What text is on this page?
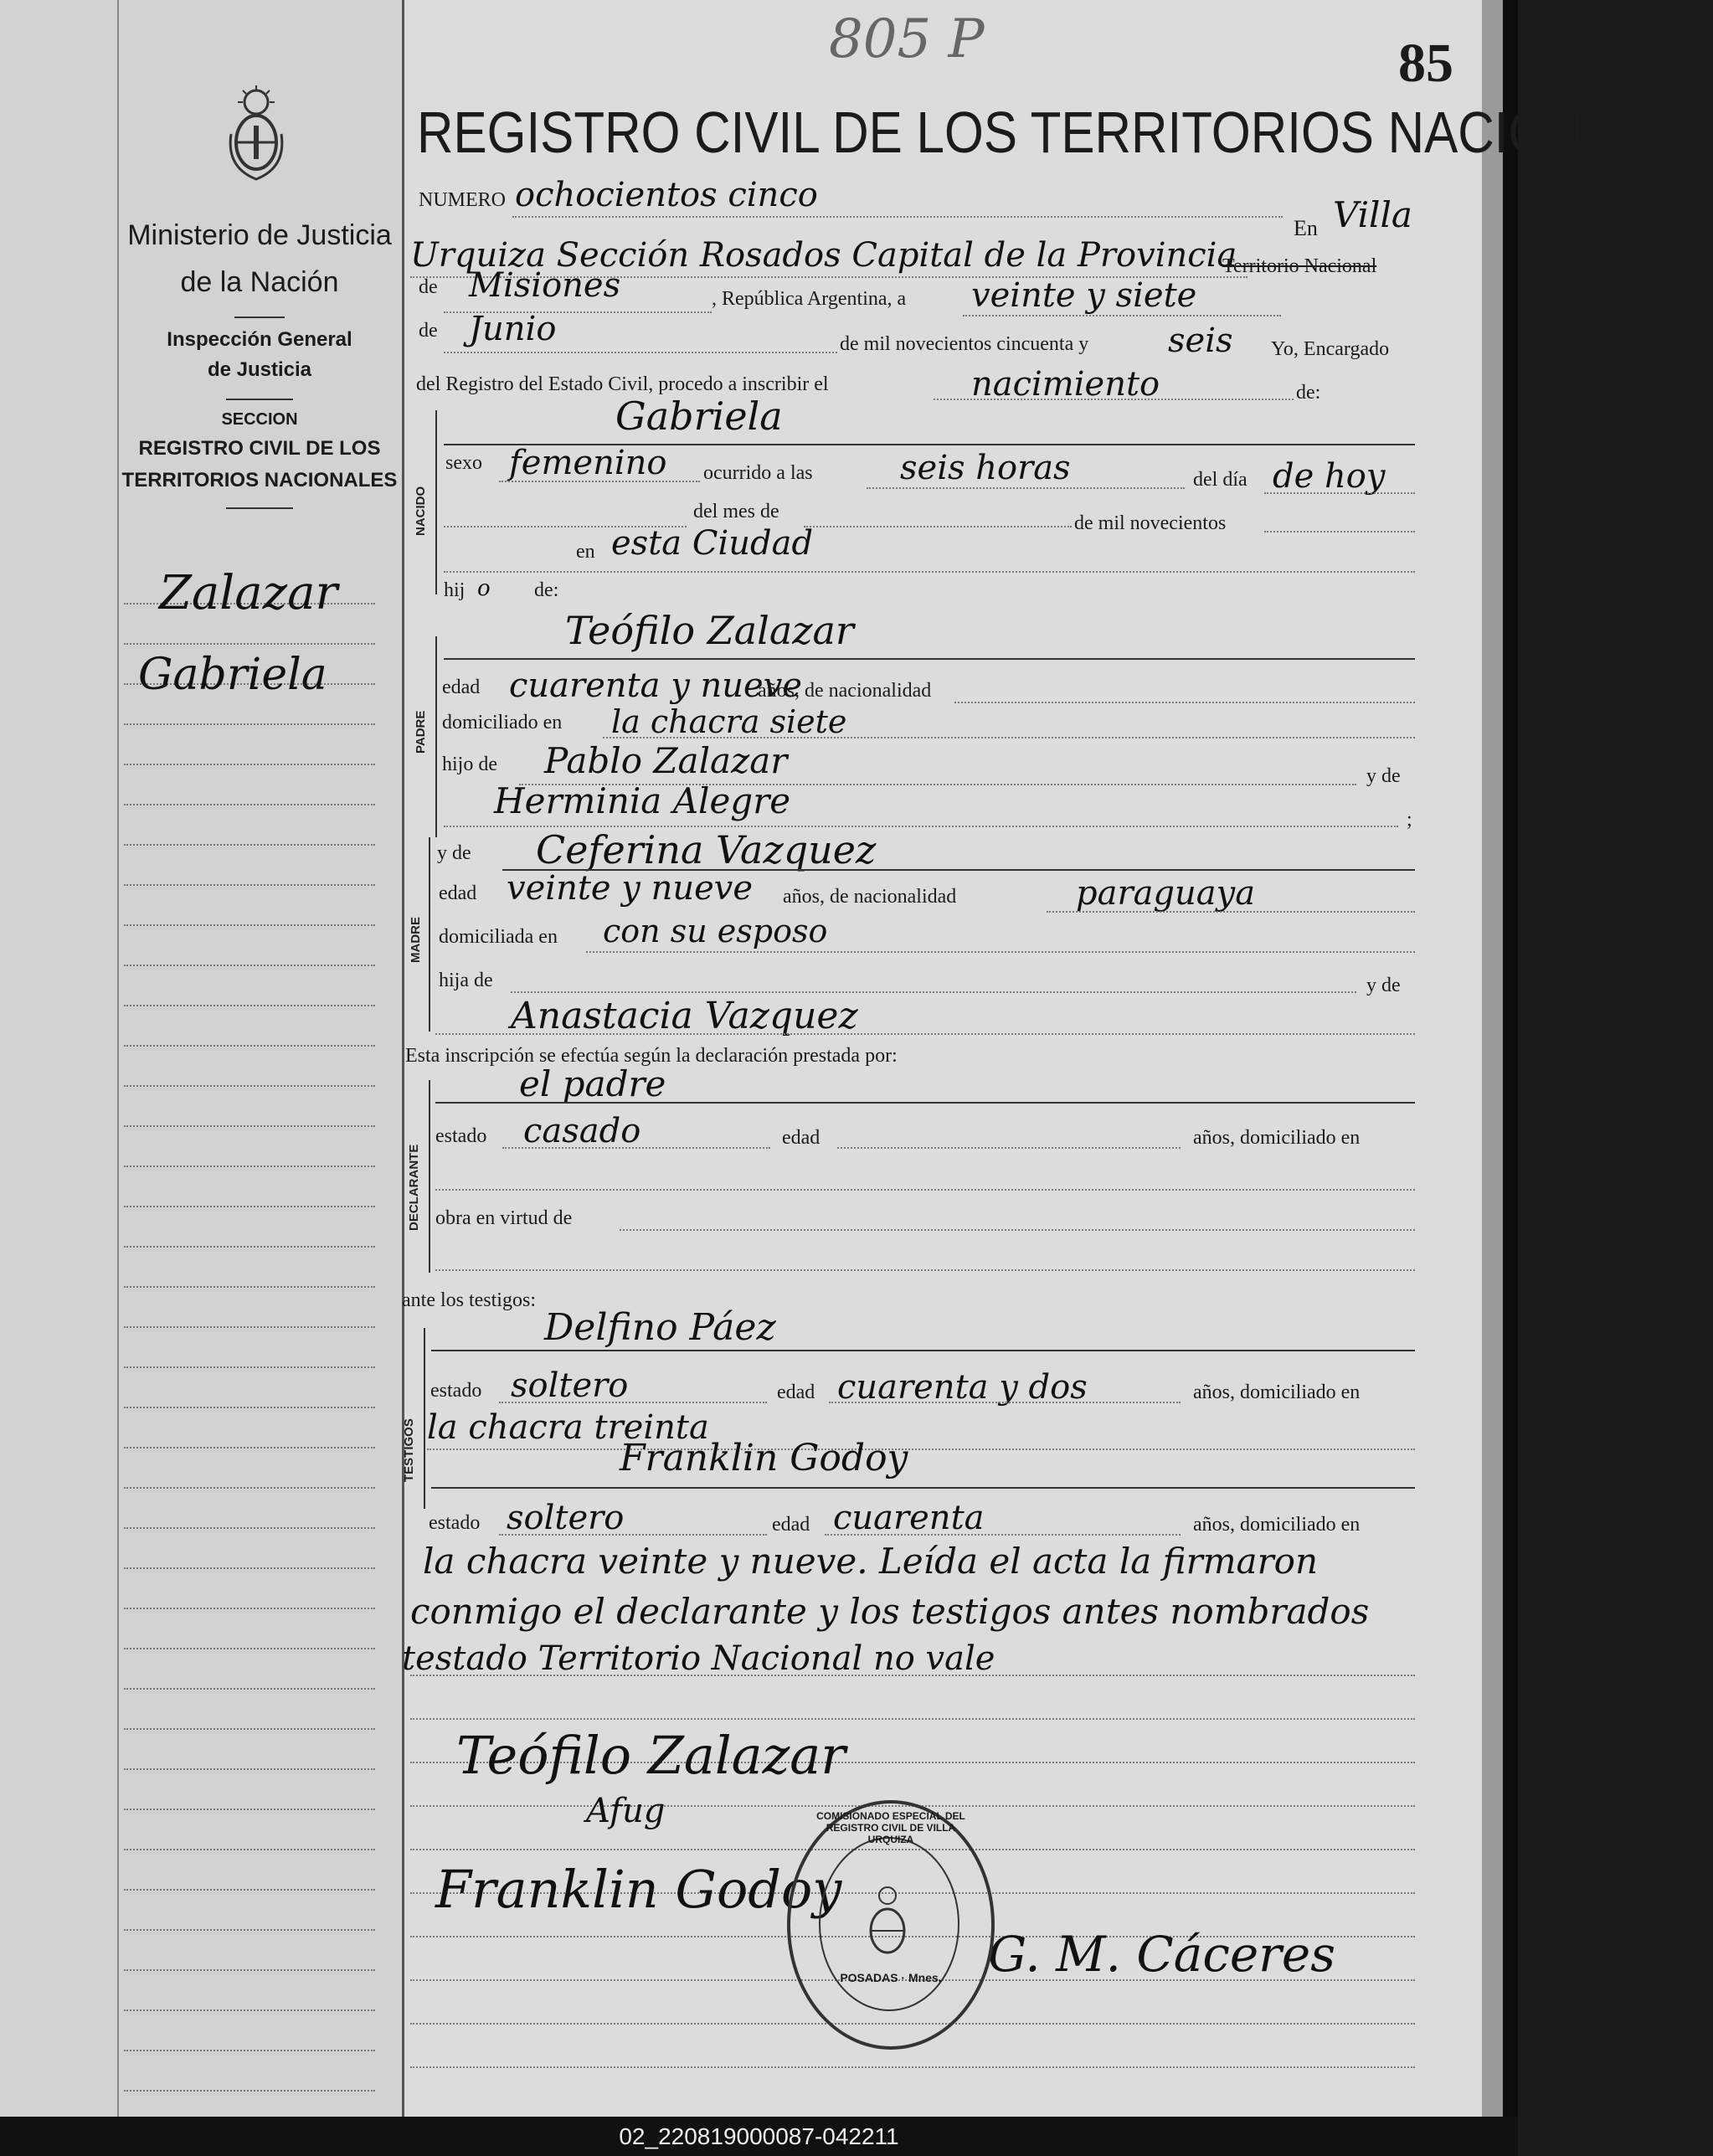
805 P	85
Ministerio de Justicia
de la Nación
Inspección General
de Justicia
SECCION
REGISTRO CIVIL DE LOS
TERRITORIOS NACIONALES
Zalazar
Gabriela
REGISTRO CIVIL DE LOS TERRITORIOS NACIONALES
NUMERO ochocientos cinco
En Villa
Urquiza Sección Rosados Capital de la Provincia
Territorio Nacional
de Misiones	, República Argentina, a veinte y siete
de Junio	de mil novecientos cincuenta y seis Yo, Encargado
del Registro del Estado Civil, procedo a inscribir el	nacimiento	de:
NACIDO
Gabriela
sexo femenino ocurrido a las	seis horas	del día de hoy
del mes de
de mil novecientos
en esta Ciudad
hij o de:
PADRE
Teófilo Zalazar
edad cuarenta y nueve
años, de nacionalidad
domiciliado en la chacra siete
hijo de Pablo Zalazar	y de
Herminia Alegre	;
MADRE
y de Ceferina Vazquez
edad veinte y nueve años, de nacionalidad	paraguaya
domiciliada en con su esposo
hija de	y de
Anastacia Vazquez
Esta inscripción se efectúa según la declaración prestada por:
DECLARANTE
el padre
estado casado	edad	años, domiciliado en
obra en virtud de
ante los testigos:
TESTIGOS
Delfino Páez
estado soltero	edad cuarenta y dos	años, domiciliado en
la chacra treinta
Franklin Godoy
estado soltero	edad cuarenta	años, domiciliado en
la chacra veinte y nueve. Leída el acta la firmaron
conmigo el declarante y los testigos antes nombrados
testado Territorio Nacional no vale
Teófilo Zalazar
Afug
Franklin Godoy
G. M. Cáceres
COMISIONADO ESPECIAL DEL REGISTRO CIVIL DE VILLA URQUIZA
POSADAS · Mnes.
02_220819000087-042211
